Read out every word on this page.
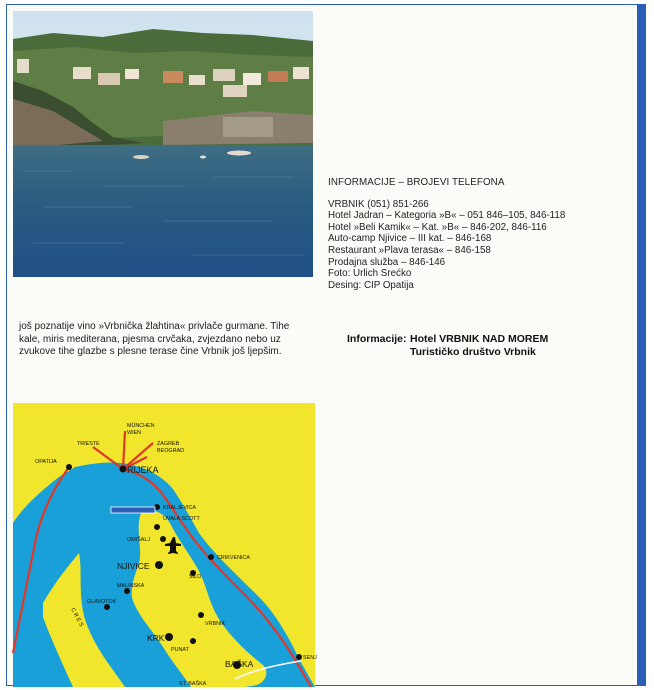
još poznatije vino »Vrbnička žlahtina« privlače gurmane. Tihe kale, miris mediterana, pjesma crvčaka, zvjezdano nebo uz zvukove tihe glazbe s plesne terase čine Vrbnik još ljepšim.

INFORMACIJE – BROJEVI TELEFONA
VRBNIK (051) 851-266
Hotel Jadran – Kategoria »B« – 051 846–105, 846-118
Hotel »Beli Kamik« – Kat. »B« – 846-202, 846-116
Auto-camp Njivice – III kat. – 846-168
Restaurant »Plava terasa« – 846-158
Prodajna služba – 846-146
Foto: Urlich Srećko
Desing: CIP Opatija
Informacije: Hotel VRBNIK NAD MOREM
Turističko društvo Vrbnik
MÜNCHEN
WIEN
TRIESTE	ZAGREB
BEOGRAD
OPATIJA
RIJEKA
KRALJEVICA
UVALA SCOTT
OMIŠALJ
CRIKVENICA
NJIVICE
MALINSKA
GLAVOTOK
SILO
VRBNIK
KRK
PUNAT
BAŠKA
ST. BAŠKA
SENJ
C R E S
